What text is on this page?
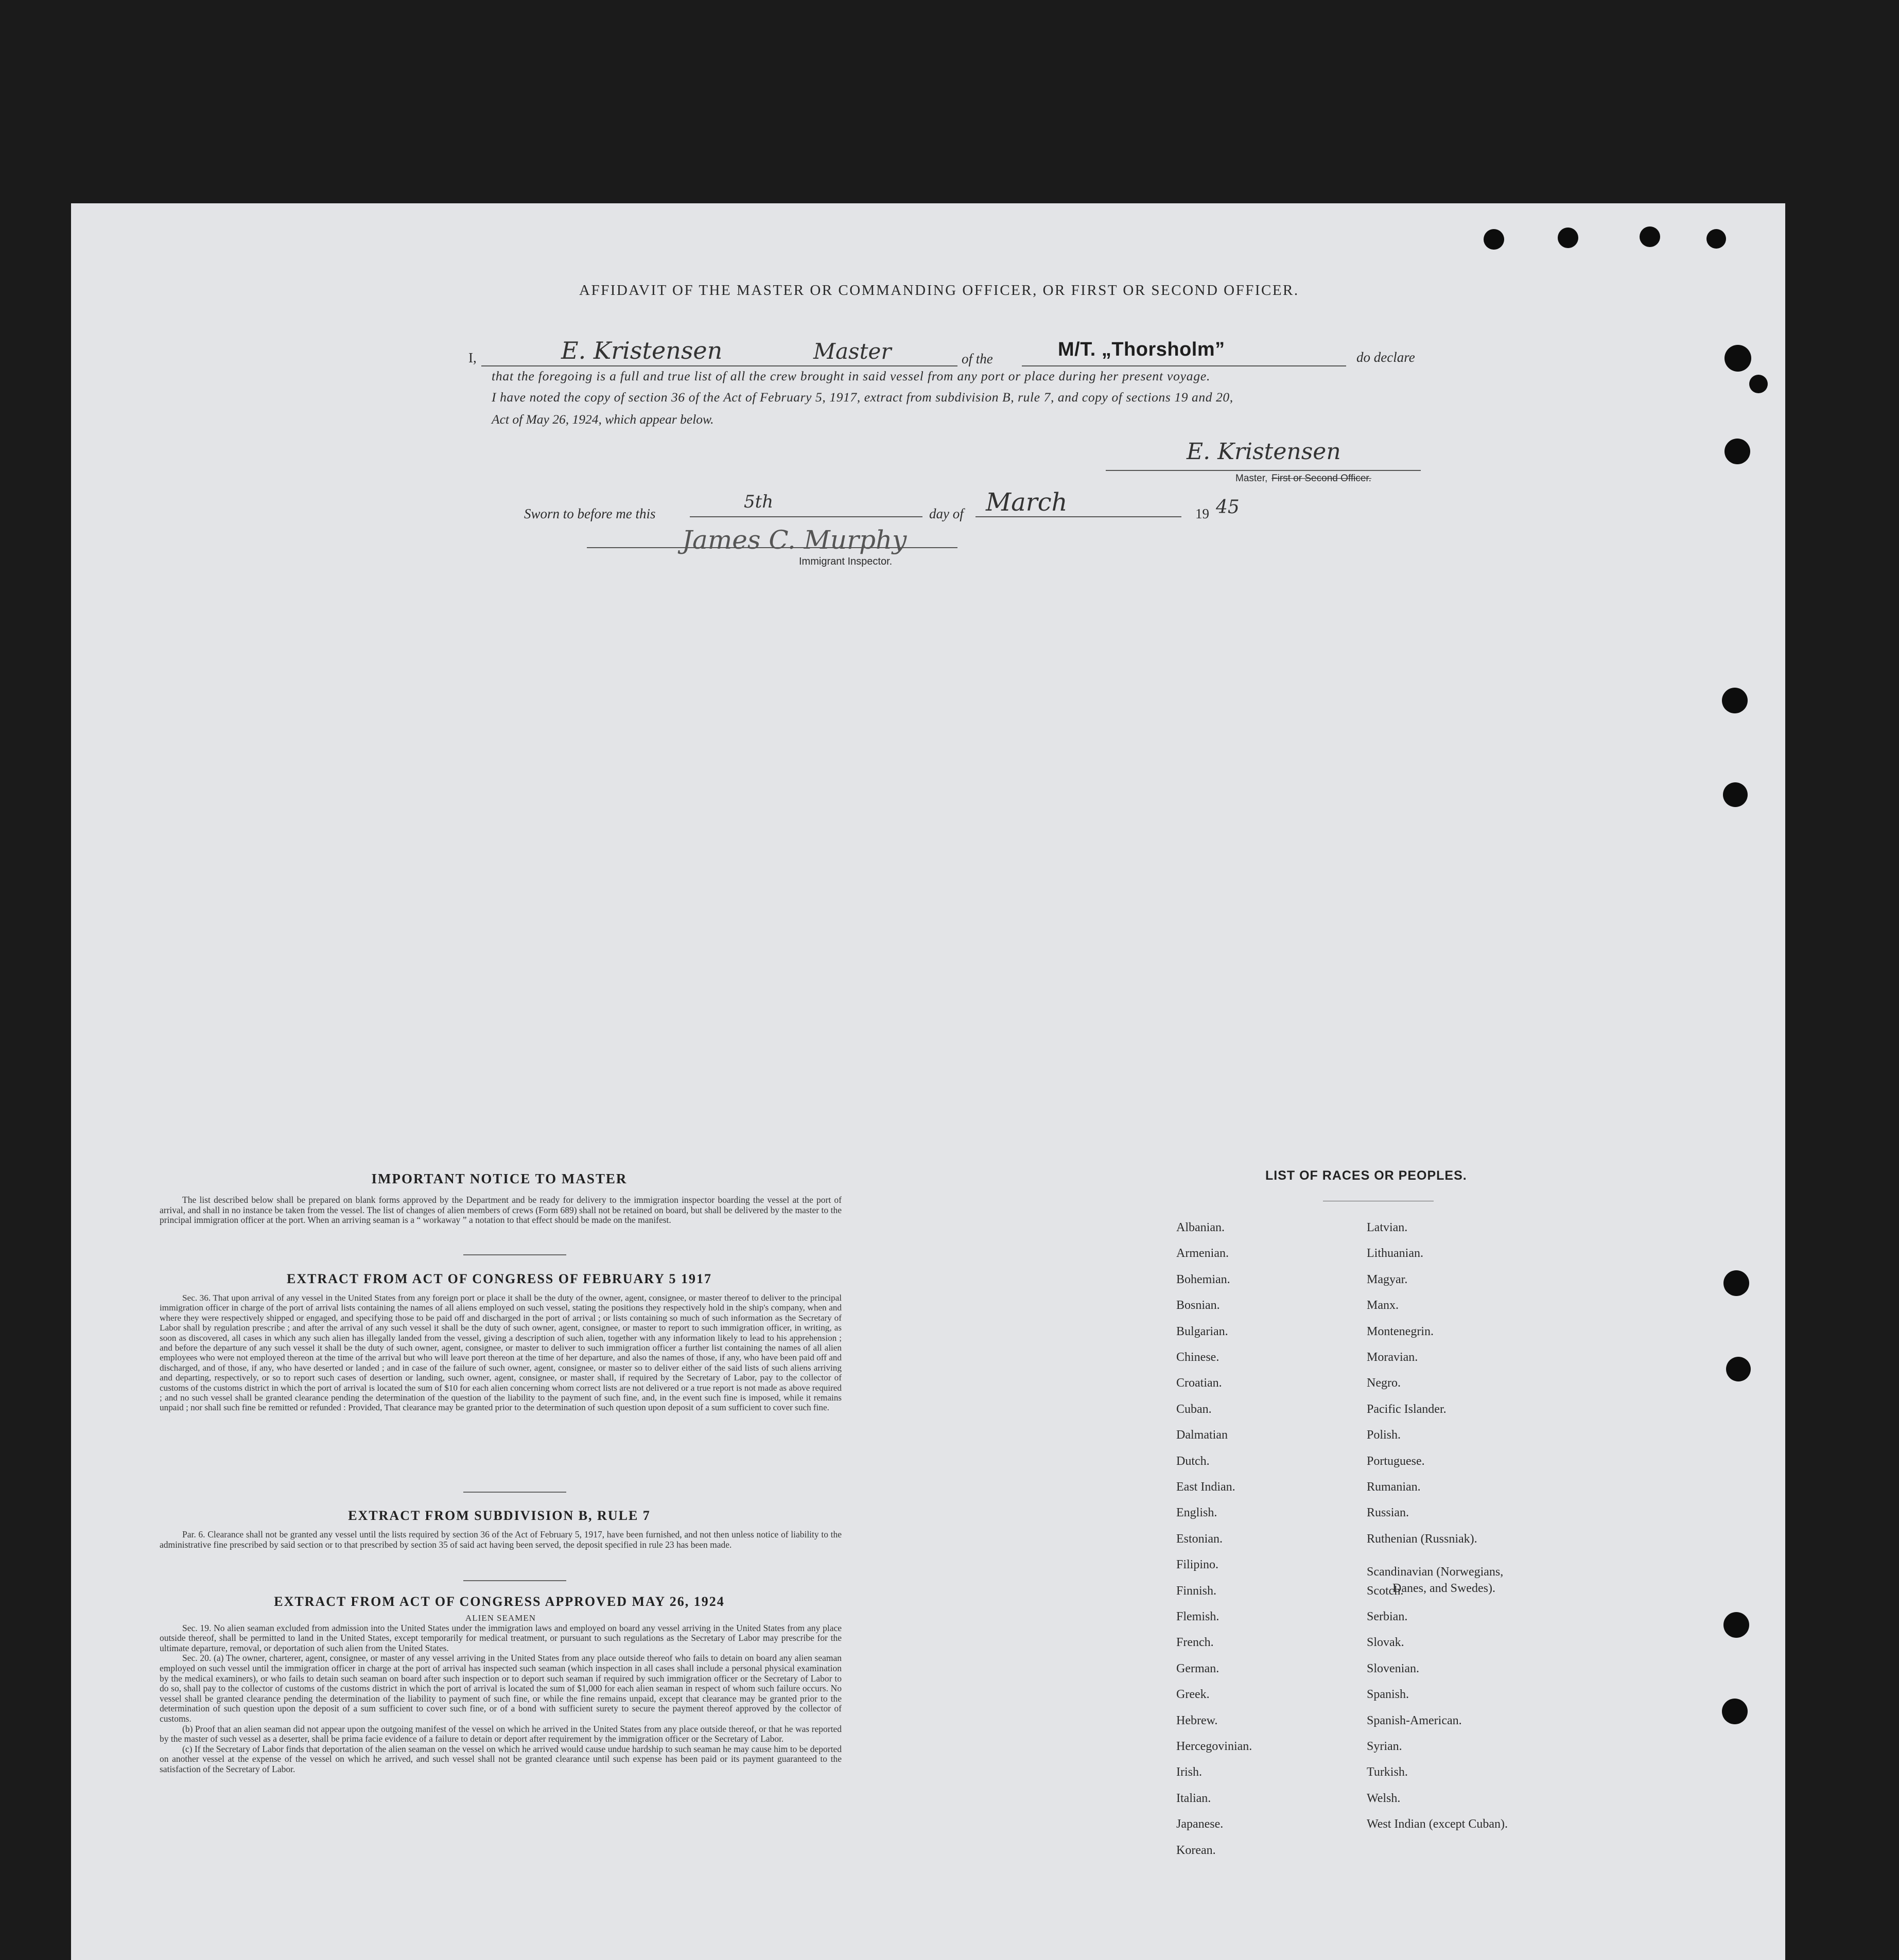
AFFIDAVIT OF THE MASTER OR COMMANDING OFFICER, OR FIRST OR SECOND OFFICER.
I,	E. Kristensen	Master	of the	M/T. „Thorsholm”	do declare
that the foregoing is a full and true list of all the crew brought in said vessel from any port or place during her present voyage.
I have noted the copy of section 36 of the Act of February 5, 1917, extract from subdivision B, rule 7, and copy of sections 19 and 20,
Act of May 26, 1924, which appear below.
E. Kristensen
Master, First or Second Officer.
Sworn to before me this
5th
day of March	19 45
James C. Murphy
Immigrant Inspector.
IMPORTANT NOTICE TO MASTER

The list described below shall be prepared on blank forms approved by the Department and be ready for delivery to the immigration inspector boarding the vessel at the port of arrival, and shall in no instance be taken from the vessel. The list of changes of alien members of crews (Form 689) shall not be retained on board, but shall be delivered by the master to the principal immigration officer at the port. When an arriving seaman is a “ workaway ” a notation to that effect should be made on the manifest.

EXTRACT FROM ACT OF CONGRESS OF FEBRUARY 5 1917

Sec. 36. That upon arrival of any vessel in the United States from any foreign port or place it shall be the duty of the owner, agent, consignee, or master thereof to deliver to the principal immigration officer in charge of the port of arrival lists containing the names of all aliens employed on such vessel, stating the positions they respectively hold in the ship's company, when and where they were respectively shipped or engaged, and specifying those to be paid off and discharged in the port of arrival ; or lists containing so much of such information as the Secretary of Labor shall by regulation prescribe ; and after the arrival of any such vessel it shall be the duty of such owner, agent, consignee, or master to report to such immigration officer, in writing, as soon as discovered, all cases in which any such alien has illegally landed from the vessel, giving a description of such alien, together with any information likely to lead to his apprehension ; and before the departure of any such vessel it shall be the duty of such owner, agent, consignee, or master to deliver to such immigration officer a further list containing the names of all alien employees who were not employed thereon at the time of the arrival but who will leave port thereon at the time of her departure, and also the names of those, if any, who have been paid off and discharged, and of those, if any, who have deserted or landed ; and in case of the failure of such owner, agent, consignee, or master so to deliver either of the said lists of such aliens arriving and departing, respectively, or so to report such cases of desertion or landing, such owner, agent, consignee, or master shall, if required by the Secretary of Labor, pay to the collector of customs of the customs district in which the port of arrival is located the sum of $10 for each alien concerning whom correct lists are not delivered or a true report is not made as above required ; and no such vessel shall be granted clearance pending the determination of the question of the liability to the payment of such fine, and, in the event such fine is imposed, while it remains unpaid ; nor shall such fine be remitted or refunded : Provided, That clearance may be granted prior to the determination of such question upon deposit of a sum sufficient to cover such fine.

EXTRACT FROM SUBDIVISION B, RULE 7

Par. 6. Clearance shall not be granted any vessel until the lists required by section 36 of the Act of February 5, 1917, have been furnished, and not then unless notice of liability to the administrative fine prescribed by said section or to that prescribed by section 35 of said act having been served, the deposit specified in rule 23 has been made.

EXTRACT FROM ACT OF CONGRESS APPROVED MAY 26, 1924

ALIEN SEAMEN

Sec. 19. No alien seaman excluded from admission into the United States under the immigration laws and employed on board any vessel arriving in the United States from any place outside thereof, shall be permitted to land in the United States, except temporarily for medical treatment, or pursuant to such regulations as the Secretary of Labor may prescribe for the ultimate departure, removal, or deportation of such alien from the United States.

Sec. 20. (a) The owner, charterer, agent, consignee, or master of any vessel arriving in the United States from any place outside thereof who fails to detain on board any alien seaman employed on such vessel until the immigration officer in charge at the port of arrival has inspected such seaman (which inspection in all cases shall include a personal physical examination by the medical examiners), or who fails to detain such seaman on board after such inspection or to deport such seaman if required by such immigration officer or the Secretary of Labor to do so, shall pay to the collector of customs of the customs district in which the port of arrival is located the sum of $1,000 for each alien seaman in respect of whom such failure occurs. No vessel shall be granted clearance pending the determination of the liability to payment of such fine, or while the fine remains unpaid, except that clearance may be granted prior to the determination of such question upon the deposit of a sum sufficient to cover such fine, or of a bond with sufficient surety to secure the payment thereof approved by the collector of customs.

(b) Proof that an alien seaman did not appear upon the outgoing manifest of the vessel on which he arrived in the United States from any place outside thereof, or that he was reported by the master of such vessel as a deserter, shall be prima facie evidence of a failure to detain or deport after requirement by the immigration officer or the Secretary of Labor.

(c) If the Secretary of Labor finds that deportation of the alien seaman on the vessel on which he arrived would cause undue hardship to such seaman he may cause him to be deported on another vessel at the expense of the vessel on which he arrived, and such vessel shall not be granted clearance until such expense has been paid or its payment guaranteed to the satisfaction of the Secretary of Labor.

LIST OF RACES OR PEOPLES.
Albanian.
Armenian.
Bohemian.
Bosnian.
Bulgarian.
Chinese.
Croatian.
Cuban.
Dalmatian
Dutch.
East Indian.
English.
Estonian.
Filipino.
Finnish.
Flemish.
French.
German.
Greek.
Hebrew.
Hercegovinian.
Irish.
Italian.
Japanese.
Korean.
Latvian.
Lithuanian.
Magyar.
Manx.
Montenegrin.
Moravian.
Negro.
Pacific Islander.
Polish.
Portuguese.
Rumanian.
Russian.
Ruthenian (Russniak).
Scandinavian (Norwegians,
Danes, and Swedes).
Scotch.
Serbian.
Slovak.
Slovenian.
Spanish.
Spanish-American.
Syrian.
Turkish.
Welsh.
West Indian (except Cuban).
